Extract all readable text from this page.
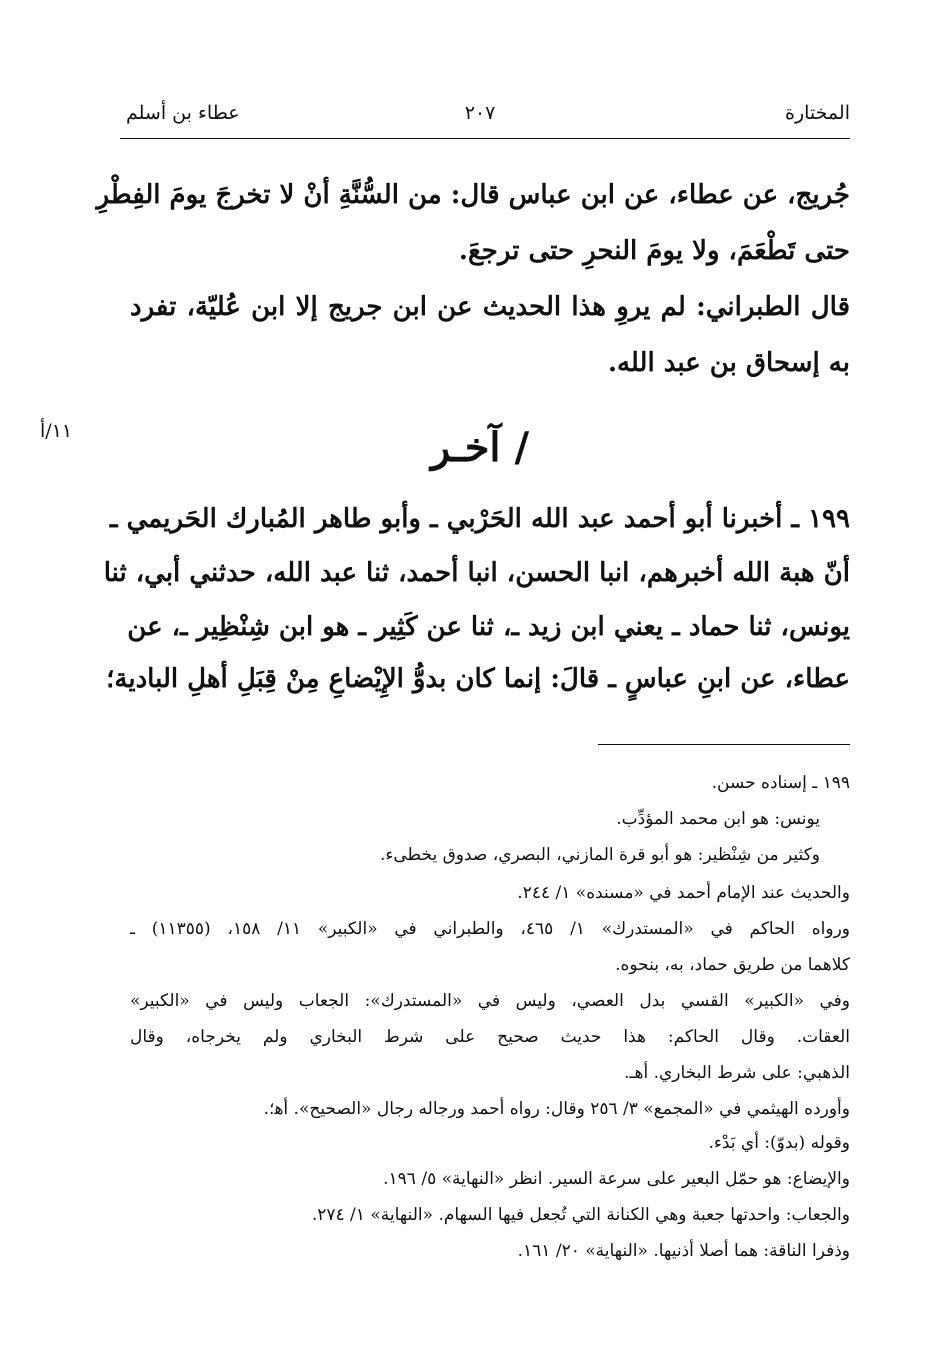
المختارة
٢٠٧
عطاء بن أسلم
جُريج، عن عطاء، عن ابن عباس قال: من السُّنَّةِ أنْ لا تخرجَ يومَ الفِطْرِ
حتى تَطْعَمَ، ولا يومَ النحرِ حتى ترجعَ.
قال الطبراني: لم يروِ هذا الحديث عن ابن جريج إلا ابن عُليّة، تفرد
به إسحاق بن عبد الله.
١١/أ	/ آخـر
١٩٩ ـ أخبرنا أبو أحمد عبد الله الحَرْبي ـ وأبو طاهر المُبارك الحَريمي ـ
أنّ هبة الله أخبرهم، انبا الحسن، انبا أحمد، ثنا عبد الله، حدثني أبي، ثنا
يونس، ثنا حماد ـ يعني ابن زيد ـ، ثنا عن كَثِير ـ هو ابن شِنْظِير ـ، عن
عطاء، عن ابنِ عباسٍ ـ قالَ: إنما كان بدوُّ الإِيْضاعِ مِنْ قِبَلِ أهلِ البادية؛
١٩٩ ـ إسناده حسن.
يونس: هو ابن محمد المؤدِّب.
وكثير من شِنْظير: هو أبو قرة المازني، البصري، صدوق يخطىء.
والحديث عند الإمام أحمد في «مسنده» ١/ ٢٤٤.
ورواه الحاكم في «المستدرك» ١/ ٤٦٥، والطبراني في «الكبير» ١١/ ١٥٨، (١١٣٥٥) ـ
كلاهما من طريق حماد، به، بنحوه.
وفي «الكبير» القسي بدل العصي، وليس في «المستدرك»: الجعاب وليس في «الكبير»
العقات. وقال الحاكم: هذا حديث صحيح على شرط البخاري ولم يخرجاه، وقال
الذهبي: على شرط البخاري. أهـ.
وأورده الهيثمي في «المجمع» ٣/ ٢٥٦ وقال: رواه أحمد ورجاله رجال «الصحيح». أه‍؛.
وقوله (بدوّ): أي بَدْء.
والإيضاع: هو حمّل البعير على سرعة السير. انظر «النهاية» ٥/ ١٩٦.
والجعاب: واحدتها جعبة وهي الكنانة التي تُجعل فيها السهام. «النهاية» ١/ ٢٧٤.
وذفرا الناقة: هما أصلا أذنيها. «النهاية» ٢٠/ ١٦١.
